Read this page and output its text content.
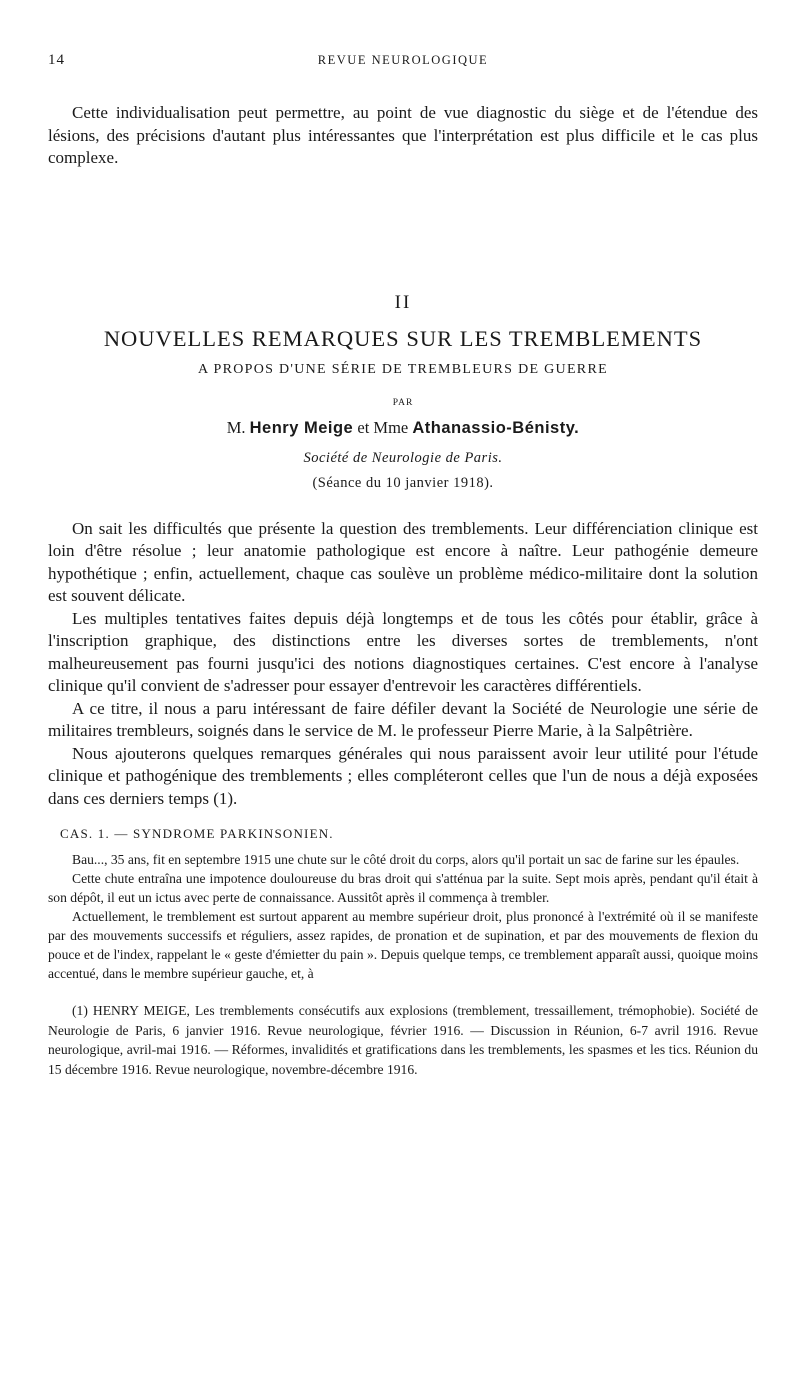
14	REVUE NEUROLOGIQUE

Cette individualisation peut permettre, au point de vue diagnostic du siège et de l'étendue des lésions, des précisions d'autant plus intéressantes que l'interprétation est plus difficile et le cas plus complexe.

II
NOUVELLES REMARQUES SUR LES TREMBLEMENTS
A PROPOS D'UNE SÉRIE DE TREMBLEURS DE GUERRE
PAR
M. Henry Meige et Mme Athanassio-Bénisty.
Société de Neurologie de Paris.
(Séance du 10 janvier 1918).

On sait les difficultés que présente la question des tremblements. Leur différenciation clinique est loin d'être résolue ; leur anatomie pathologique est encore à naître. Leur pathogénie demeure hypothétique ; enfin, actuellement, chaque cas soulève un problème médico-militaire dont la solution est souvent délicate.

Les multiples tentatives faites depuis déjà longtemps et de tous les côtés pour établir, grâce à l'inscription graphique, des distinctions entre les diverses sortes de tremblements, n'ont malheureusement pas fourni jusqu'ici des notions diagnostiques certaines. C'est encore à l'analyse clinique qu'il convient de s'adresser pour essayer d'entrevoir les caractères différentiels.

A ce titre, il nous a paru intéressant de faire défiler devant la Société de Neurologie une série de militaires trembleurs, soignés dans le service de M. le professeur Pierre Marie, à la Salpêtrière.

Nous ajouterons quelques remarques générales qui nous paraissent avoir leur utilité pour l'étude clinique et pathogénique des tremblements ; elles compléteront celles que l'un de nous a déjà exposées dans ces derniers temps (1).

CAS. 1. — SYNDROME PARKINSONIEN.

Bau..., 35 ans, fit en septembre 1915 une chute sur le côté droit du corps, alors qu'il portait un sac de farine sur les épaules.

Cette chute entraîna une impotence douloureuse du bras droit qui s'atténua par la suite. Sept mois après, pendant qu'il était à son dépôt, il eut un ictus avec perte de connaissance. Aussitôt après il commença à trembler.

Actuellement, le tremblement est surtout apparent au membre supérieur droit, plus prononcé à l'extrémité où il se manifeste par des mouvements successifs et réguliers, assez rapides, de pronation et de supination, et par des mouvements de flexion du pouce et de l'index, rappelant le « geste d'émietter du pain ». Depuis quelque temps, ce tremblement apparaît aussi, quoique moins accentué, dans le membre supérieur gauche, et, à

(1) HENRY MEIGE, Les tremblements consécutifs aux explosions (tremblement, tressaillement, trémophobie). Société de Neurologie de Paris, 6 janvier 1916. Revue neurologique, février 1916. — Discussion in Réunion, 6-7 avril 1916. Revue neurologique, avril-mai 1916. — Réformes, invalidités et gratifications dans les tremblements, les spasmes et les tics. Réunion du 15 décembre 1916. Revue neurologique, novembre-décembre 1916.
